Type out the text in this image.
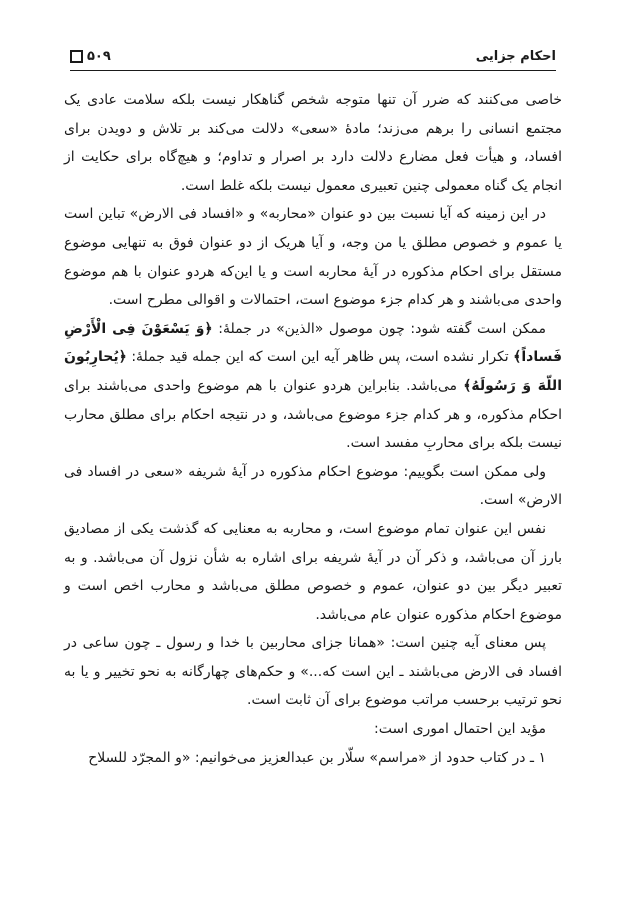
احکام جزایی
۵۰۹

خاصی می‌کنند که ضرر آن تنها متوجه شخص گناهکار نیست بلکه سلامت عادی یک مجتمع انسانی را برهم می‌زند؛ مادۀ «سعی» دلالت می‌کند بر تلاش و دویدن برای افساد، و هیأت فعل مضارع دلالت دارد بر اصرار و تداوم؛ و هیچ‌گاه برای حکایت از انجام یک گناه معمولی چنین تعبیری معمول نیست بلکه غلط است.

در این زمینه که آیا نسبت بین دو عنوان «محاربه» و «افساد فی الارض» تباین است یا عموم و خصوص مطلق یا من وجه، و آیا هریک از دو عنوان فوق به تنهایی موضوع مستقل برای احکام مذکوره در آیۀ محاربه است و یا این‌که هردو عنوان با هم موضوع واحدی می‌باشند و هر کدام جزء موضوع است، احتمالات و اقوالی مطرح است.

ممکن است گفته شود: چون موصول «الذین» در جملۀ: ﴿وَ یَسْعَوْنَ فِی الْأَرْضِ فَساداً﴾ تکرار نشده است، پس ظاهر آیه این است که این جمله قید جملۀ: ﴿یُحارِبُونَ اللّهَ وَ رَسُولَهُ﴾ می‌باشد. بنابراین هردو عنوان با هم موضوع واحدی می‌باشند برای احکام مذکوره، و هر کدام جزء موضوع می‌باشد، و در نتیجه احکام برای مطلق محارب نیست بلکه برای محاربِ مفسد است.

ولی ممکن است بگوییم: موضوع احکام مذکوره در آیۀ شریفه «سعی در افساد فی الارض» است.

نفس این عنوان تمام موضوع است، و محاربه به معنایی که گذشت یکی از مصادیق بارز آن می‌باشد، و ذکر آن در آیۀ شریفه برای اشاره به شأن نزول آن می‌باشد. و به تعبیر دیگر بین دو عنوان، عموم و خصوص مطلق می‌باشد و محارب اخص است و موضوع احکام مذکوره عنوان عام می‌باشد.

پس معنای آیه چنین است: «همانا جزای محاربین با خدا و رسول ـ چون ساعی در افساد فی الارض می‌باشند ـ این است که...» و حکم‌های چهارگانه به نحو تخییر و یا به نحو ترتیب برحسب مراتب موضوع برای آن ثابت است.

مؤید این احتمال اموری است:

۱ ـ در کتاب حدود از «مراسم» سلّار بن عبدالعزیز می‌خوانیم: «و المجرّد للسلاح
